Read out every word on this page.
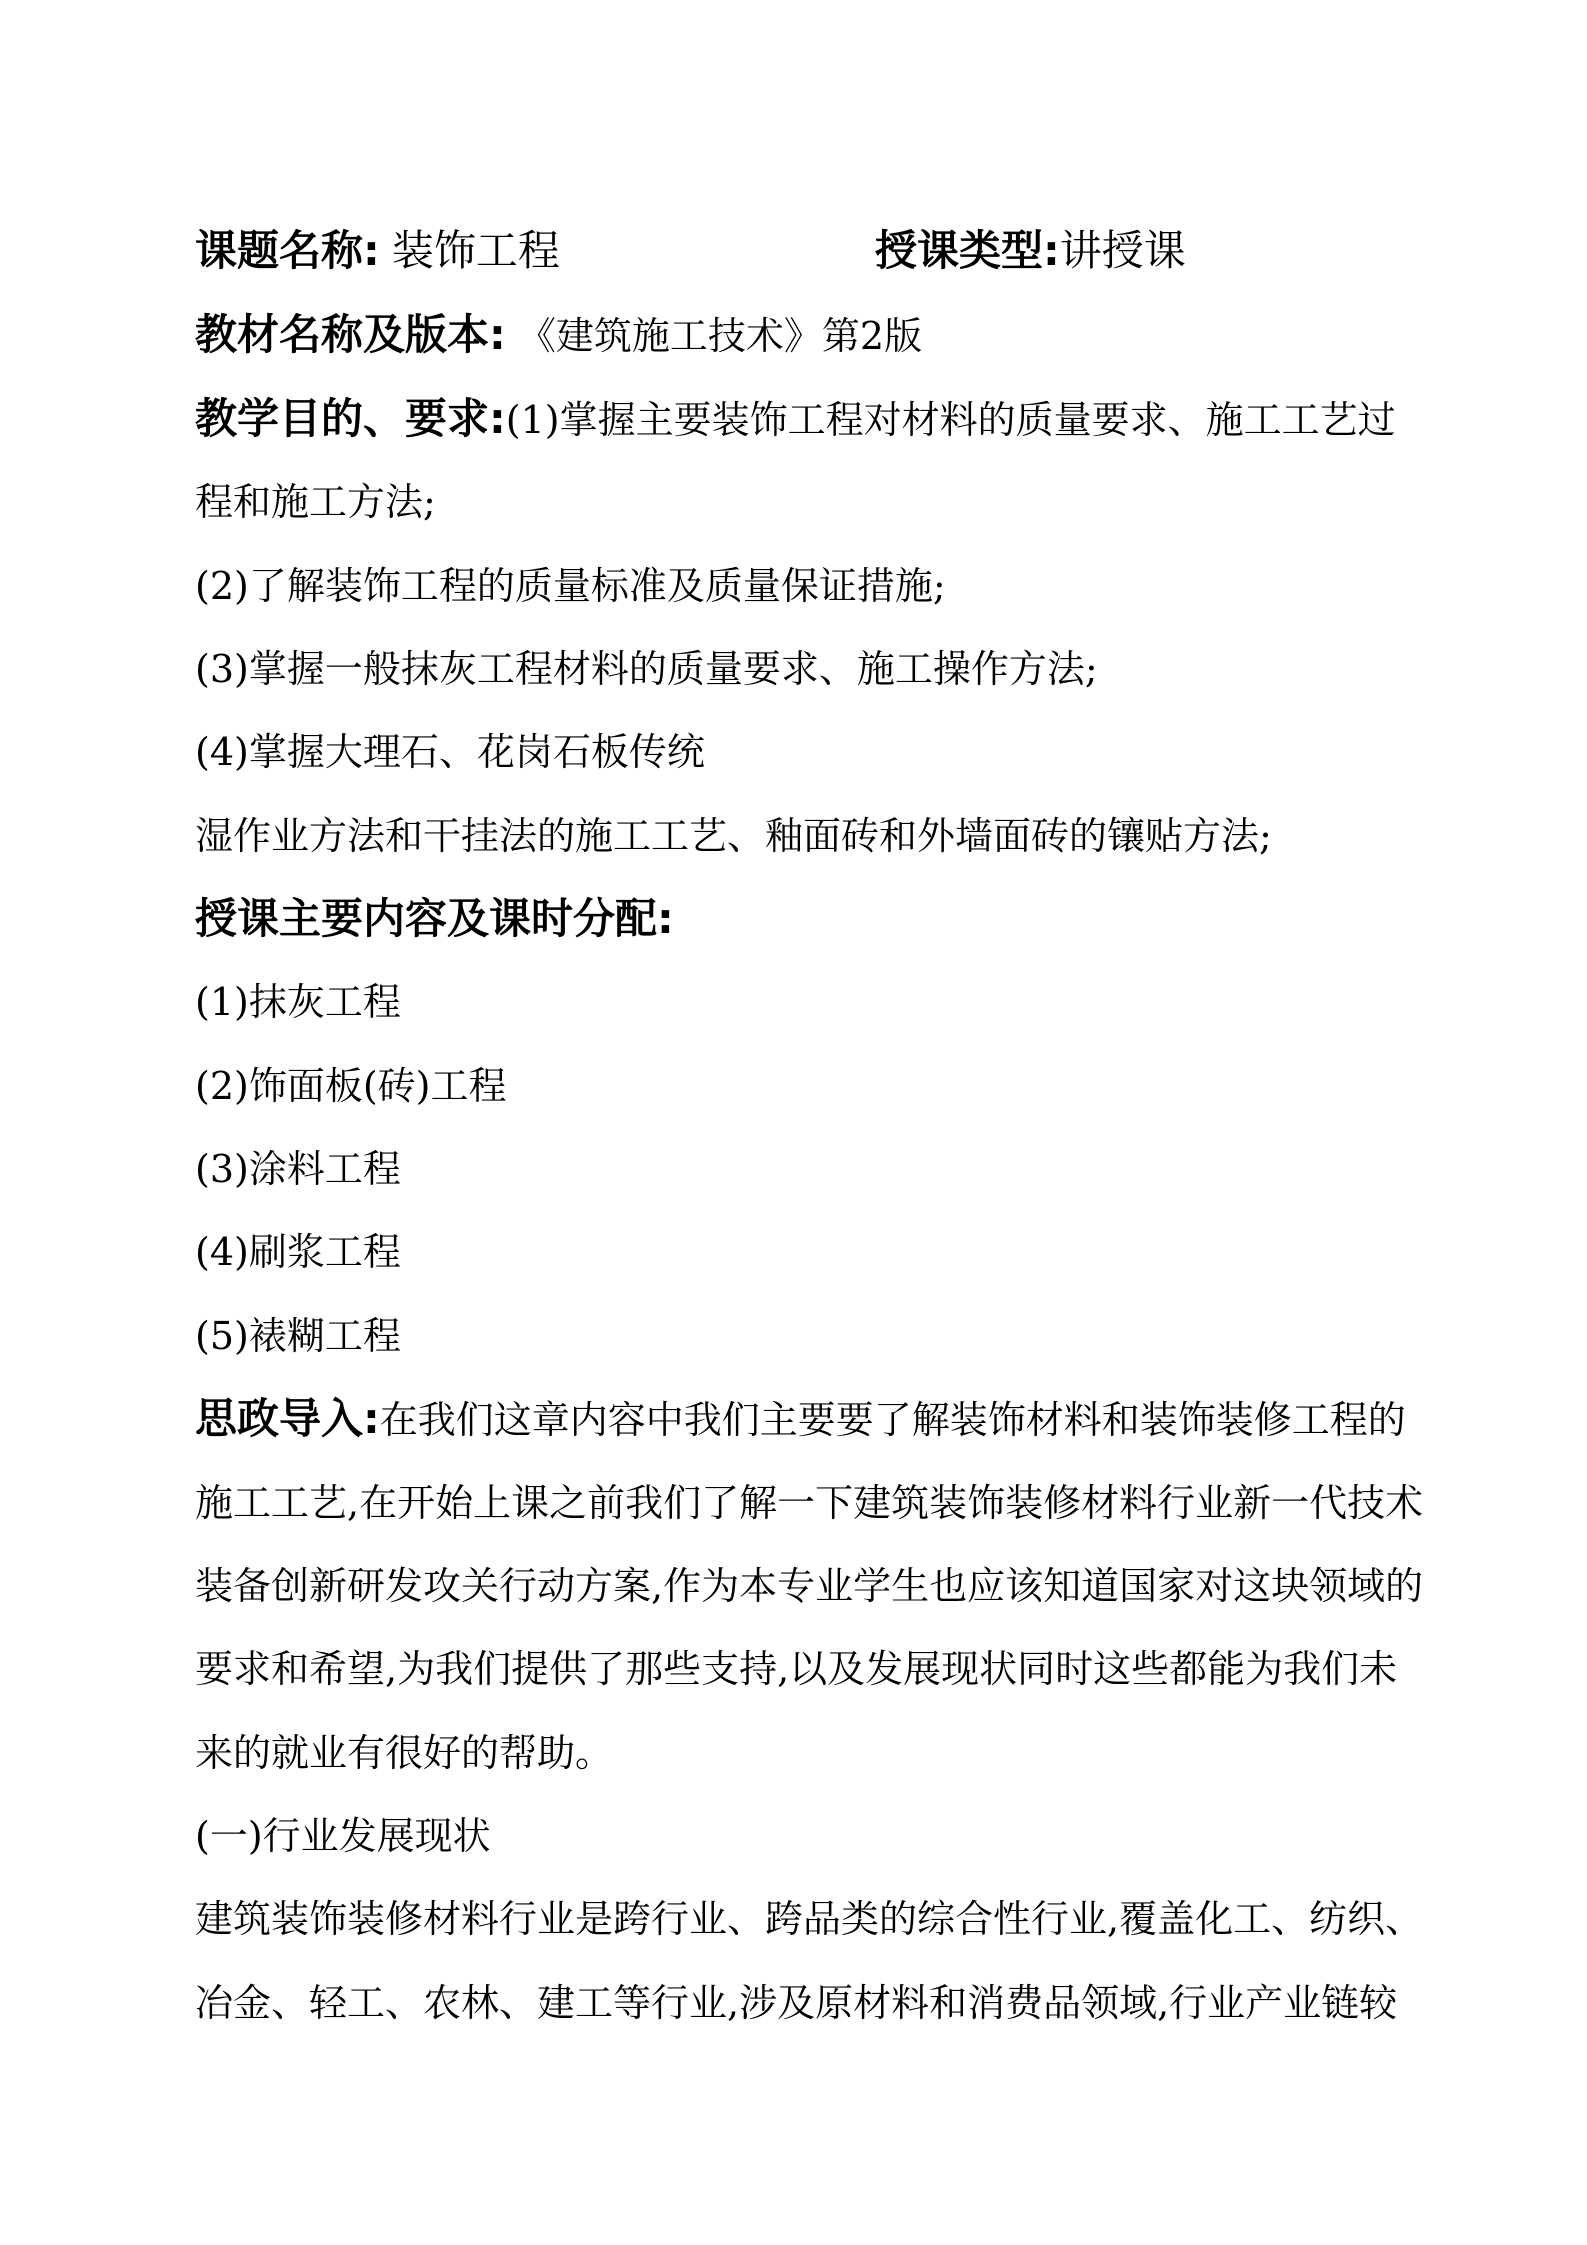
课题名称: 装饰工程	授课类型:讲授课
教材名称及版本: 《建筑施工技术》第2版
教学目的、要求:(1)掌握主要装饰工程对材料的质量要求、施工工艺过
程和施工方法;
(2)了解装饰工程的质量标准及质量保证措施;
(3)掌握一般抹灰工程材料的质量要求、施工操作方法;
(4)掌握大理石、花岗石板传统
湿作业方法和干挂法的施工工艺、釉面砖和外墙面砖的镶贴方法;
授课主要内容及课时分配:
(1)抹灰工程
(2)饰面板(砖)工程
(3)涂料工程
(4)刷浆工程
(5)裱糊工程
思政导入:在我们这章内容中我们主要要了解装饰材料和装饰装修工程的
施工工艺,在开始上课之前我们了解一下建筑装饰装修材料行业新一代技术
装备创新研发攻关行动方案,作为本专业学生也应该知道国家对这块领域的
要求和希望,为我们提供了那些支持,以及发展现状同时这些都能为我们未
来的就业有很好的帮助。
(一)行业发展现状
建筑装饰装修材料行业是跨行业、跨品类的综合性行业,覆盖化工、纺织、
冶金、轻工、农林、建工等行业,涉及原材料和消费品领域,行业产业链较
